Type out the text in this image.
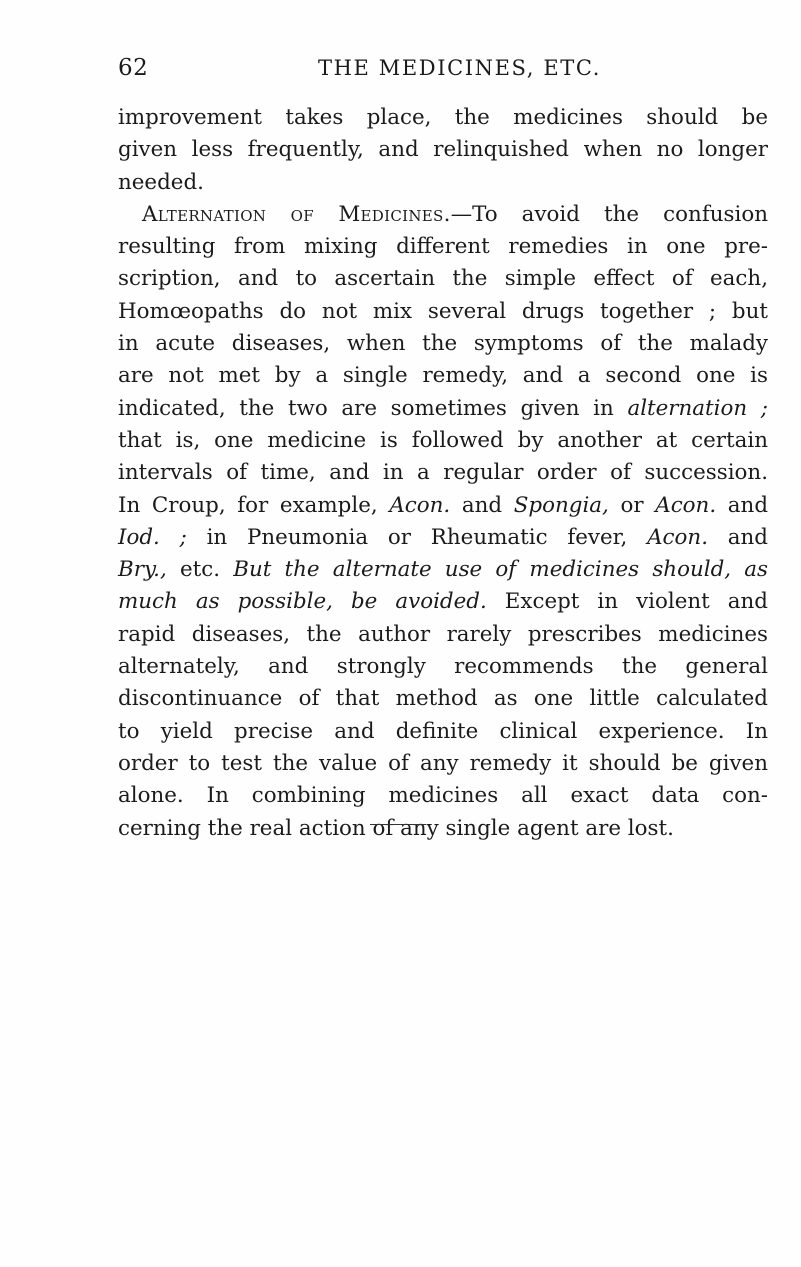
62	THE MEDICINES, ETC.
improvement takes place, the medicines should be
given less frequently, and relinquished when no longer
needed.
Alternation of Medicines.—To avoid the confusion
resulting from mixing different remedies in one pre-
scription, and to ascertain the simple effect of each,
Homœopaths do not mix several drugs together ; but
in acute diseases, when the symptoms of the malady
are not met by a single remedy, and a second one is
indicated, the two are sometimes given in alternation ;
that is, one medicine is followed by another at certain
intervals of time, and in a regular order of succession.
In Croup, for example, Acon. and Spongia, or Acon. and
Iod. ; in Pneumonia or Rheumatic fever, Acon. and
Bry., etc. But the alternate use of medicines should, as
much as possible, be avoided. Except in violent and
rapid diseases, the author rarely prescribes medicines
alternately, and strongly recommends the general
discontinuance of that method as one little calculated
to yield precise and definite clinical experience. In
order to test the value of any remedy it should be given
alone. In combining medicines all exact data con-
cerning the real action of any single agent are lost.
